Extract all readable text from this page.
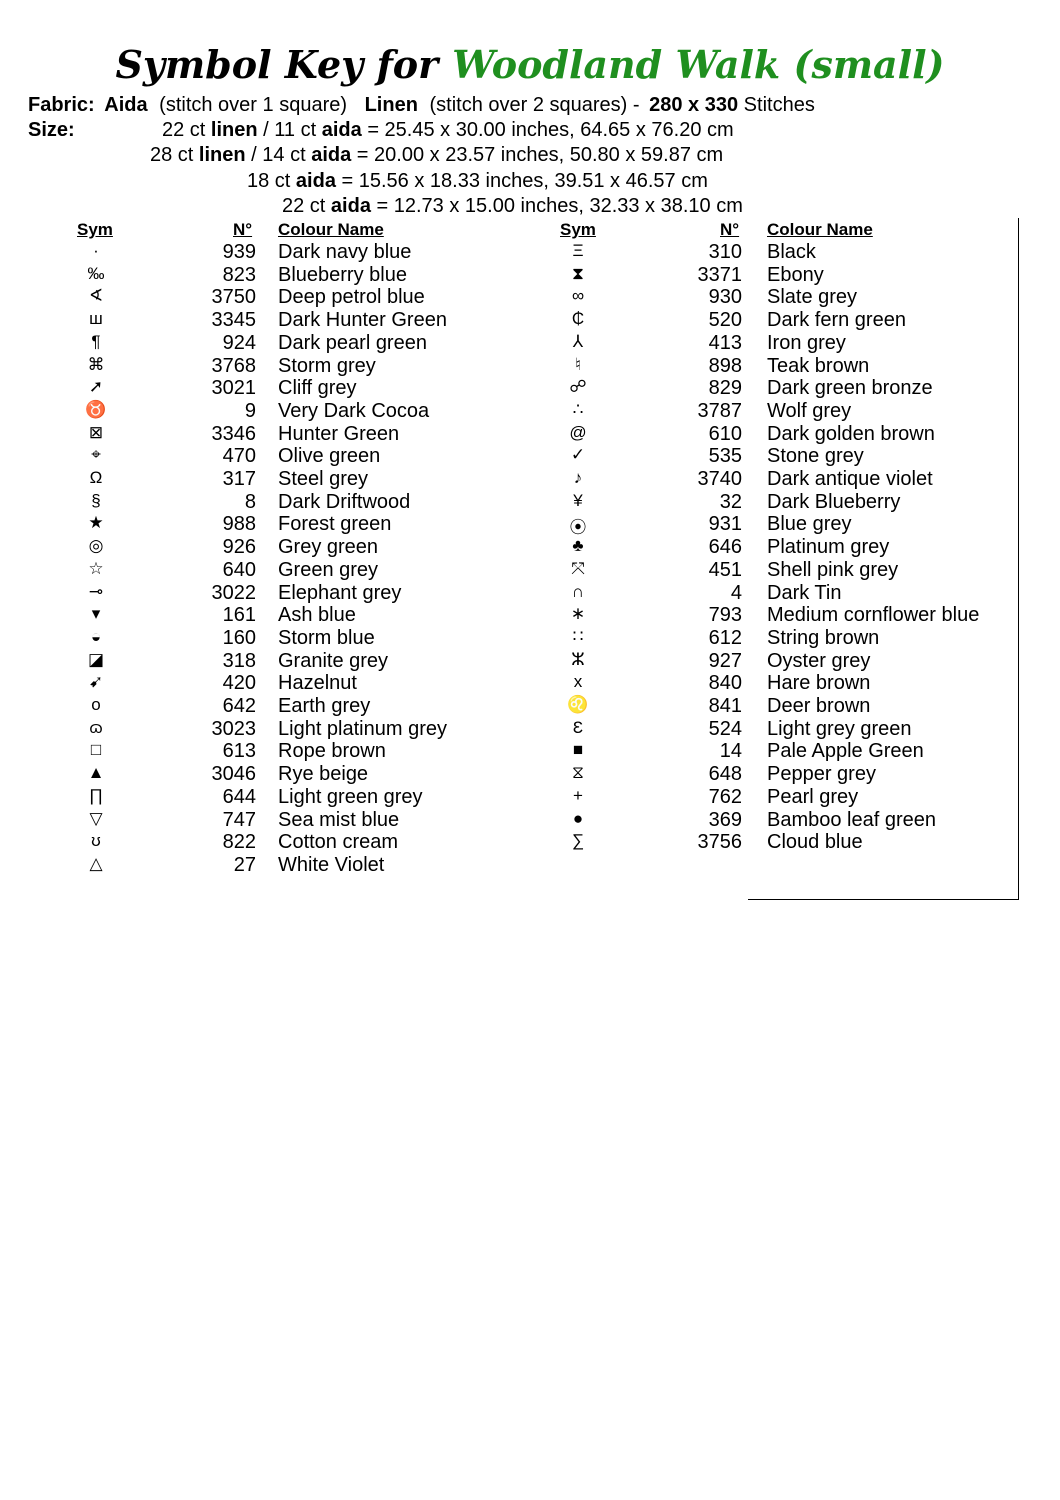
Symbol Key for Woodland Walk (small)
Fabric: Aida (stitch over 1 square) Linen (stitch over 2 squares) - 280 x 330 Stitches
Size:	22 ct linen / 11 ct aida = 25.45 x 30.00 inches, 64.65 x 76.20 cm
28 ct linen / 14 ct aida = 20.00 x 23.57 inches, 50.80 x 59.87 cm
18 ct aida = 15.56 x 18.33 inches, 39.51 x 46.57 cm
22 ct aida = 12.73 x 15.00 inches, 32.33 x 38.10 cm
Sym	N° Colour Name	Sym	N° Colour Name
·	939 Dark navy blue
‰	823 Blueberry blue
∢	3750 Deep petrol blue
ш	3345 Dark Hunter Green
¶	924 Dark pearl green
⌘	3768 Storm grey
➚	3021 Cliff grey
♉	9 Very Dark Cocoa
⊠	3346 Hunter Green
⌖	470 Olive green
Ω	317 Steel grey
§	8 Dark Driftwood
★	988 Forest green
◎	926 Grey green
☆	640 Green grey
⊸	3022 Elephant grey
▾	161 Ash blue
◒	160 Storm blue
◪	318 Granite grey
➹	420 Hazelnut
o	642 Earth grey
ɷ	3023 Light platinum grey
□	613 Rope brown
▲	3046 Rye beige
∏	644 Light green grey
▽	747 Sea mist blue
ʊ	822 Cotton cream
△	27 White Violet
Ξ	310 Black
⧗	3371 Ebony
∞	930 Slate grey
₵	520 Dark fern green
⅄	413 Iron grey
♮	898 Teak brown
☍	829 Dark green bronze
∴	3787 Wolf grey
@	610 Dark golden brown
✓	535 Stone grey
♪	3740 Dark antique violet
¥	32 Dark Blueberry
⦿	931 Blue grey
♣	646 Platinum grey
⤧	451 Shell pink grey
∩	4 Dark Tin
∗	793 Medium cornflower blue
∷	612 String brown
ⵣ	927 Oyster grey
x	840 Hare brown
♌	841 Deer brown
Ɛ	524 Light grey green
■	14 Pale Apple Green
⧖	648 Pepper grey
+	762 Pearl grey
●	369 Bamboo leaf green
∑	3756 Cloud blue
